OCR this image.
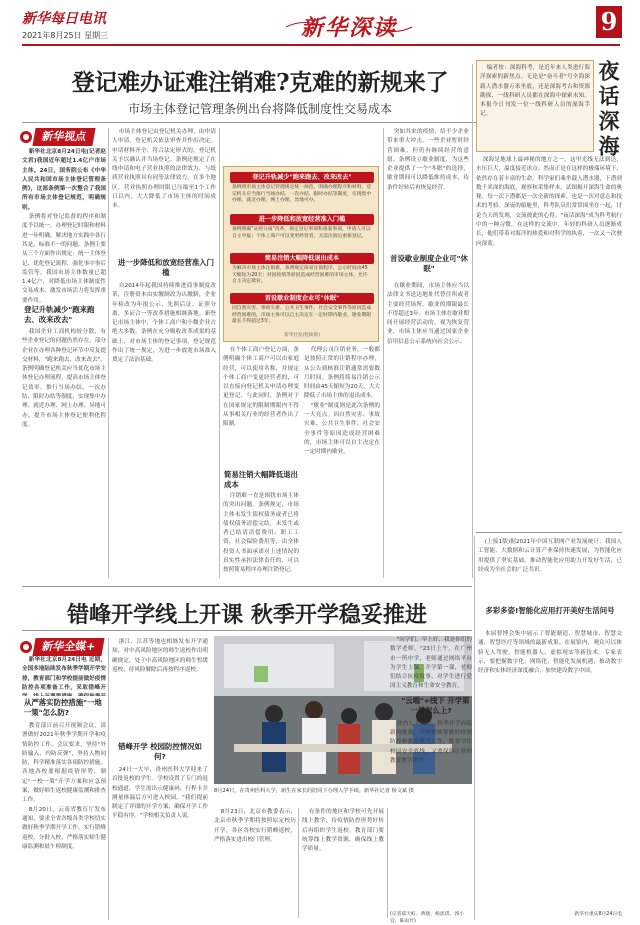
新华每日电讯
2021年8月25日 星期三	新华深读	9
登记难办证难注销难?克难的新规来了
市场主体登记管理条例出台将降低制度性交易成本
新华视点

新华社北京8月24日电(记者赵文君)我国近年超过1.4亿户市场主体。24日，国务院公布《中华人民共和国市场主体登记管理条例》，这部条例第一次整合了我国所有市场主体登记规范，明确规则。

条例将对登记监督的程序和制度予以统一，办理登记时限和材料进一步明确，解决地方实践中各行其是、标准不一的问题。条例主要从三个方面作出规定：统一主体登记、优化登记流程、强化事中事后监管等。我国市场主体数量已超1.4亿户，对降低市场主体制度性交易成本、激发市场活力将发挥重要作用。

登记升轨减少"跑来跑去、改来改去"

我国企业工商机构较分散、有些企业登记的问题仍然存在，部分企业在办理各种登记环节中反复提交材料，"跑来跑去、改来改去"。条例明确登记机关应当优化市场主体登记办理流程，提高市场主体登记效率，推行当场办结、一次办结、限时办结等制度，实现集中办理、就近办理、网上办理、异地可办，提升市场主体登记便利化程度。

市场主体登记由登记机关办理，由申请人申请，登记机关依法审查并作出决定。申请材料齐全、符合法定形式的，登记机关予以确认并当场登记。条例还规定了在线申请和电子营业执照的法律效力，与纸质营业执照具有同等法律效力。在多个地区，营业执照办理时限已压缩至1个工作日以内，大大降低了市场主体的时间成本。

进一步降低和放宽经营准入门槛

自2014年起我国持续推进商事制度改革，注册资本由实缴制改为认缴制，企业年检改为年报公示，先照后证、证照分离、多证合一等改革措施相继落地。新登记市场主体中，个体工商户和小微企业占绝大多数。条例在充分吸收改革成果的基础上，对市场主体的登记事项、登记规范作出了统一规定，为进一步放宽市场准入奠定了法治基础。

登记升轨减少"跑来跑去、改来改去"
条例将市场主体登记管理规定统一规范，明确办理程序和材料，登记机关应当推行当场办结、一次办结、限时办结等制度，实现集中办理、就近办理、网上办理、异地可办。
进一步降低和放宽经营准入门槛
条例明确"证照分离"改革，规定登记事项和备案事项，申请人可以自主申报；个体工商户可以变更经营者，无需注销后重新登记。
简易注销大幅降低退出成本
为解决市场主体注销难，条例规定简易注销程序，公示时间由45天缩短为20天；对因疫情等原因造成经营困难的市场主体，允许自主决定歇业。
首设歇业制度企业可"休眠"
因自然灾害、事故灾难、公共卫生事件、社会安全事件等原因造成经营困难的，市场主体可以自主决定在一定时期内歇业，歇业期限最长不得超过3年。
新华社发(程硕制)

在个体工商户登记方面，条例明确个体工商户可以由家庭经营，可以使用名称，并规定个体工商户变更经营者的，可以直接向登记机关申请办理变更登记。与此同时，条例对于在国家规定的限制期限内不得从事相关行业的经营者作出了限制。

简易注销大幅降低退出成本

注销难一直是困扰市场主体的突出问题。条例规定，市场主体未发生债权债务或者已将债权债务清偿完结，未发生或者已结清清偿费用、职工工资、社会保险费用等，由全体投资人书面承诺对上述情况的真实性承担法律责任的，可以按照简易程序办理注销登记。

代理公司注销业务，一般都是按照正常的注销程序办理，从公告到核准注销通常需要数月时间。条例将简易注销公示时间由45天缩短为20天，大大降低了市场主体的退出成本。

"歇业"制度则是此次条例的一大亮点。因自然灾害、事故灾难、公共卫生事件、社会安全事件等原因造成经营困难的，市场主体可以自主决定在一定时期内歇业。

突如其来的疫情，给不少企业带来重大冲击。一些企业暂时经营困难，但仍有继续经营的意愿。条例设立歇业制度，为这些企业提供了一个"冬眠"的选择，歇业期间可以降低维持成本，待条件好转后再恢复经营。

首设歇业制度企业可"休眠"

在歇业期间，市场主体应当以法律文书送达地址代替住所或者主要经营场所。歇业的期限最长不得超过3年。市场主体在歇业期间开展经营活动的，视为恢复营业，市场主体应当通过国家企业信用信息公示系统向社会公示。

编者按：深海科考，是近年来人类进行海洋探索的新焦点。无论是"奋斗者"号全海深载人潜水器万米坐底，还是深海考古和资源勘探，一线科研人员都在深海中探索未知。本报今日刊发一位一线科研人员的深海手记。	夜话深海

深海是地球上最神秘的地方之一，这里光线无法到达，水压巨大，温度接近冰点。然而正是在这样的极端环境下，依然存在着丰富的生命。科学家们乘坐载人潜水器，下潜到数千米深的海底，观察和采集样本，试图揭开深海生命的奥秘。每一次下潜都是一次全新的探索，也是一次对意志和技术的考验。深夜的船舱里，科考队员们常常围坐在一起，讨论当天的发现，交流彼此的心得。"夜话深海"成为科考航行中的一种习惯。在这样的交流中，年轻的科研人员逐渐成长，他们带着对海洋的热爱和对科学的执着，一次又一次驶向深蓝。

错峰开学线上开课 秋季开学稳妥推进
新华全媒+

新华社北京8月24日电 近期，全国多地陆续发布秋季学期开学安排，教育部门和学校提前做好疫情防控各项准备工作，采取错峰开

从严落实防控措施"一地一策"怎么防?

教育部日前召开视频会议，部署做好2021年秋季学期开学和疫情防控工作。会议要求，坚持"外防输入、内防反弹"，坚持人物同防，科学精准落实各项防控措施。各地各校要根据疫情形势，制定"一校一策"开学方案和应急预案，做好师生返校健康监测和排查工作。

8月20日，云南省教育厅发布通知，要求全省各级各类学校切实做好秋季学期开学工作，实行错峰返校、分批入校，严格落实师生健康监测和晨午检制度。

浙江、江苏等地也相继发布开学通知，对中高风险地区的师生返校作出明确规定，处于中高风险地区的师生暂缓返校，待风险解除后再按程序返校。

错峰开学 校园防控情况如何?

24日一大早，贵州医科大学迎来了首批返校的学生。学校设置了专门的返校通道，学生需出示健康码、行程卡并测量体温后方可进入校园。"我们提前制定了详细的开学方案，确保开学工作平稳有序。"学校相关负责人说。

8月24日，在贵州医科大学，新生在家长的陪同下办理入学手续。新华社记者 杨文斌 摄

8月23日，北京市教委表示，北京市秋季学期将按照原定校历开学，各区各校实行错峰返校，严格落实进出校门管理。

有条件的地区和学校可先开展线上教学，待疫情防控形势好转后再组织学生返校。教育部门要统筹线上教学资源，确保线上教学质量。

"同学们，早上好，我是你们的数学老师。"23日上午，在广州市一所中学，老师通过网络平台为学生上课。开学第一课，老师们结合抗疫故事，对学生进行爱国主义教育和生命安全教育。

"云端"+线下 开学第一课怎么上?

业内人士指出，秋季开学面临新的挑战，学校要统筹做好疫情防控和教育教学工作，既要守住校园安全底线，又要保障正常的教育教学秩序。

(记者郑天虹、黄晓、杨思琪、郭小宜、陈雨竹)

(上接1版)据2021年中国互联网产业发展统计，我国人工智能、大数据和云计算产业保持快速发展，为智能化应用提供了坚实基础。推动智能化应用助力开发好生活，已经成为全社会的广泛共识。

多彩多姿!智能化应用打开美好生活问号

本届智博会集中展示了智能制造、智慧城市、智慧交通、智慧医疗等领域的最新成果。在展馆内，观众可以体验无人驾驶、智能机器人、虚拟现实等新技术。专家表示，要把握数字化、网络化、智能化发展机遇，推动数字经济和实体经济深度融合，加快建设数字中国。

新华社重庆8月24日电
